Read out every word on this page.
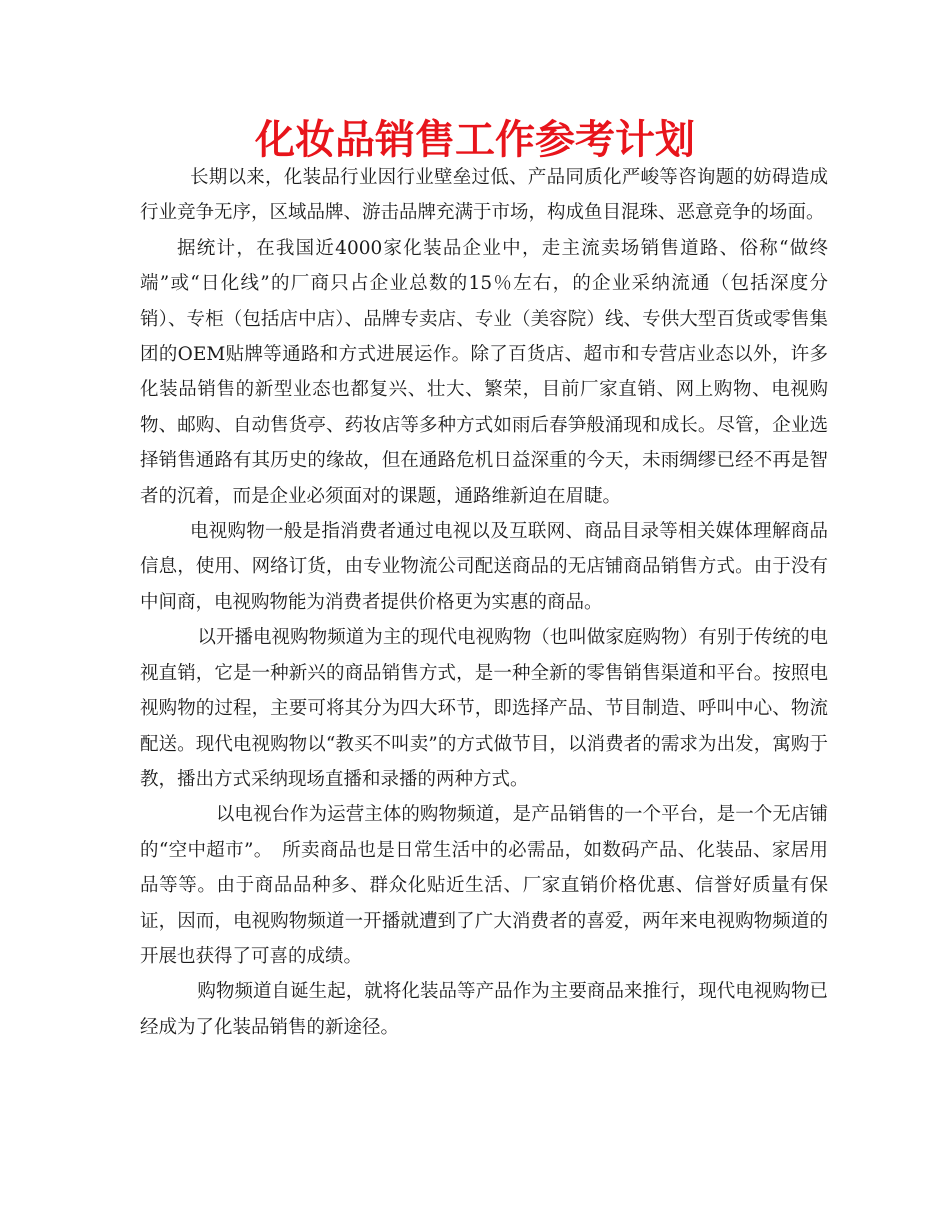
化妆品销售工作参考计划

长期以来，化装品行业因行业壁垒过低、产品同质化严峻等咨询题的妨碍造成行业竞争无序，区域品牌、游击品牌充满于市场，构成鱼目混珠、恶意竞争的场面。

据统计，在我国近4000家化装品企业中，走主流卖场销售道路、俗称“做终端”或“日化线”的厂商只占企业总数的15％左右，的企业采纳流通（包括深度分销）、专柜（包括店中店）、品牌专卖店、专业（美容院）线、专供大型百货或零售集团的OEM贴牌等通路和方式进展运作。除了百货店、超市和专营店业态以外，许多化装品销售的新型业态也都复兴、壮大、繁荣，目前厂家直销、网上购物、电视购物、邮购、自动售货亭、药妆店等多种方式如雨后春笋般涌现和成长。尽管，企业选择销售通路有其历史的缘故，但在通路危机日益深重的今天，未雨绸缪已经不再是智者的沉着，而是企业必须面对的课题，通路维新迫在眉睫。

电视购物一般是指消费者通过电视以及互联网、商品目录等相关媒体理解商品信息，使用、网络订货，由专业物流公司配送商品的无店铺商品销售方式。由于没有中间商，电视购物能为消费者提供价格更为实惠的商品。

以开播电视购物频道为主的现代电视购物（也叫做家庭购物）有别于传统的电视直销，它是一种新兴的商品销售方式，是一种全新的零售销售渠道和平台。按照电视购物的过程，主要可将其分为四大环节，即选择产品、节目制造、呼叫中心、物流配送。现代电视购物以“教买不叫卖”的方式做节目，以消费者的需求为出发，寓购于教，播出方式采纳现场直播和录播的两种方式。

以电视台作为运营主体的购物频道，是产品销售的一个平台，是一个无店铺的“空中超市”。　所卖商品也是日常生活中的必需品，如数码产品、化装品、家居用品等等。由于商品品种多、群众化贴近生活、厂家直销价格优惠、信誉好质量有保证，因而，电视购物频道一开播就遭到了广大消费者的喜爱，两年来电视购物频道的开展也获得了可喜的成绩。

购物频道自诞生起，就将化装品等产品作为主要商品来推行，现代电视购物已经成为了化装品销售的新途径。
